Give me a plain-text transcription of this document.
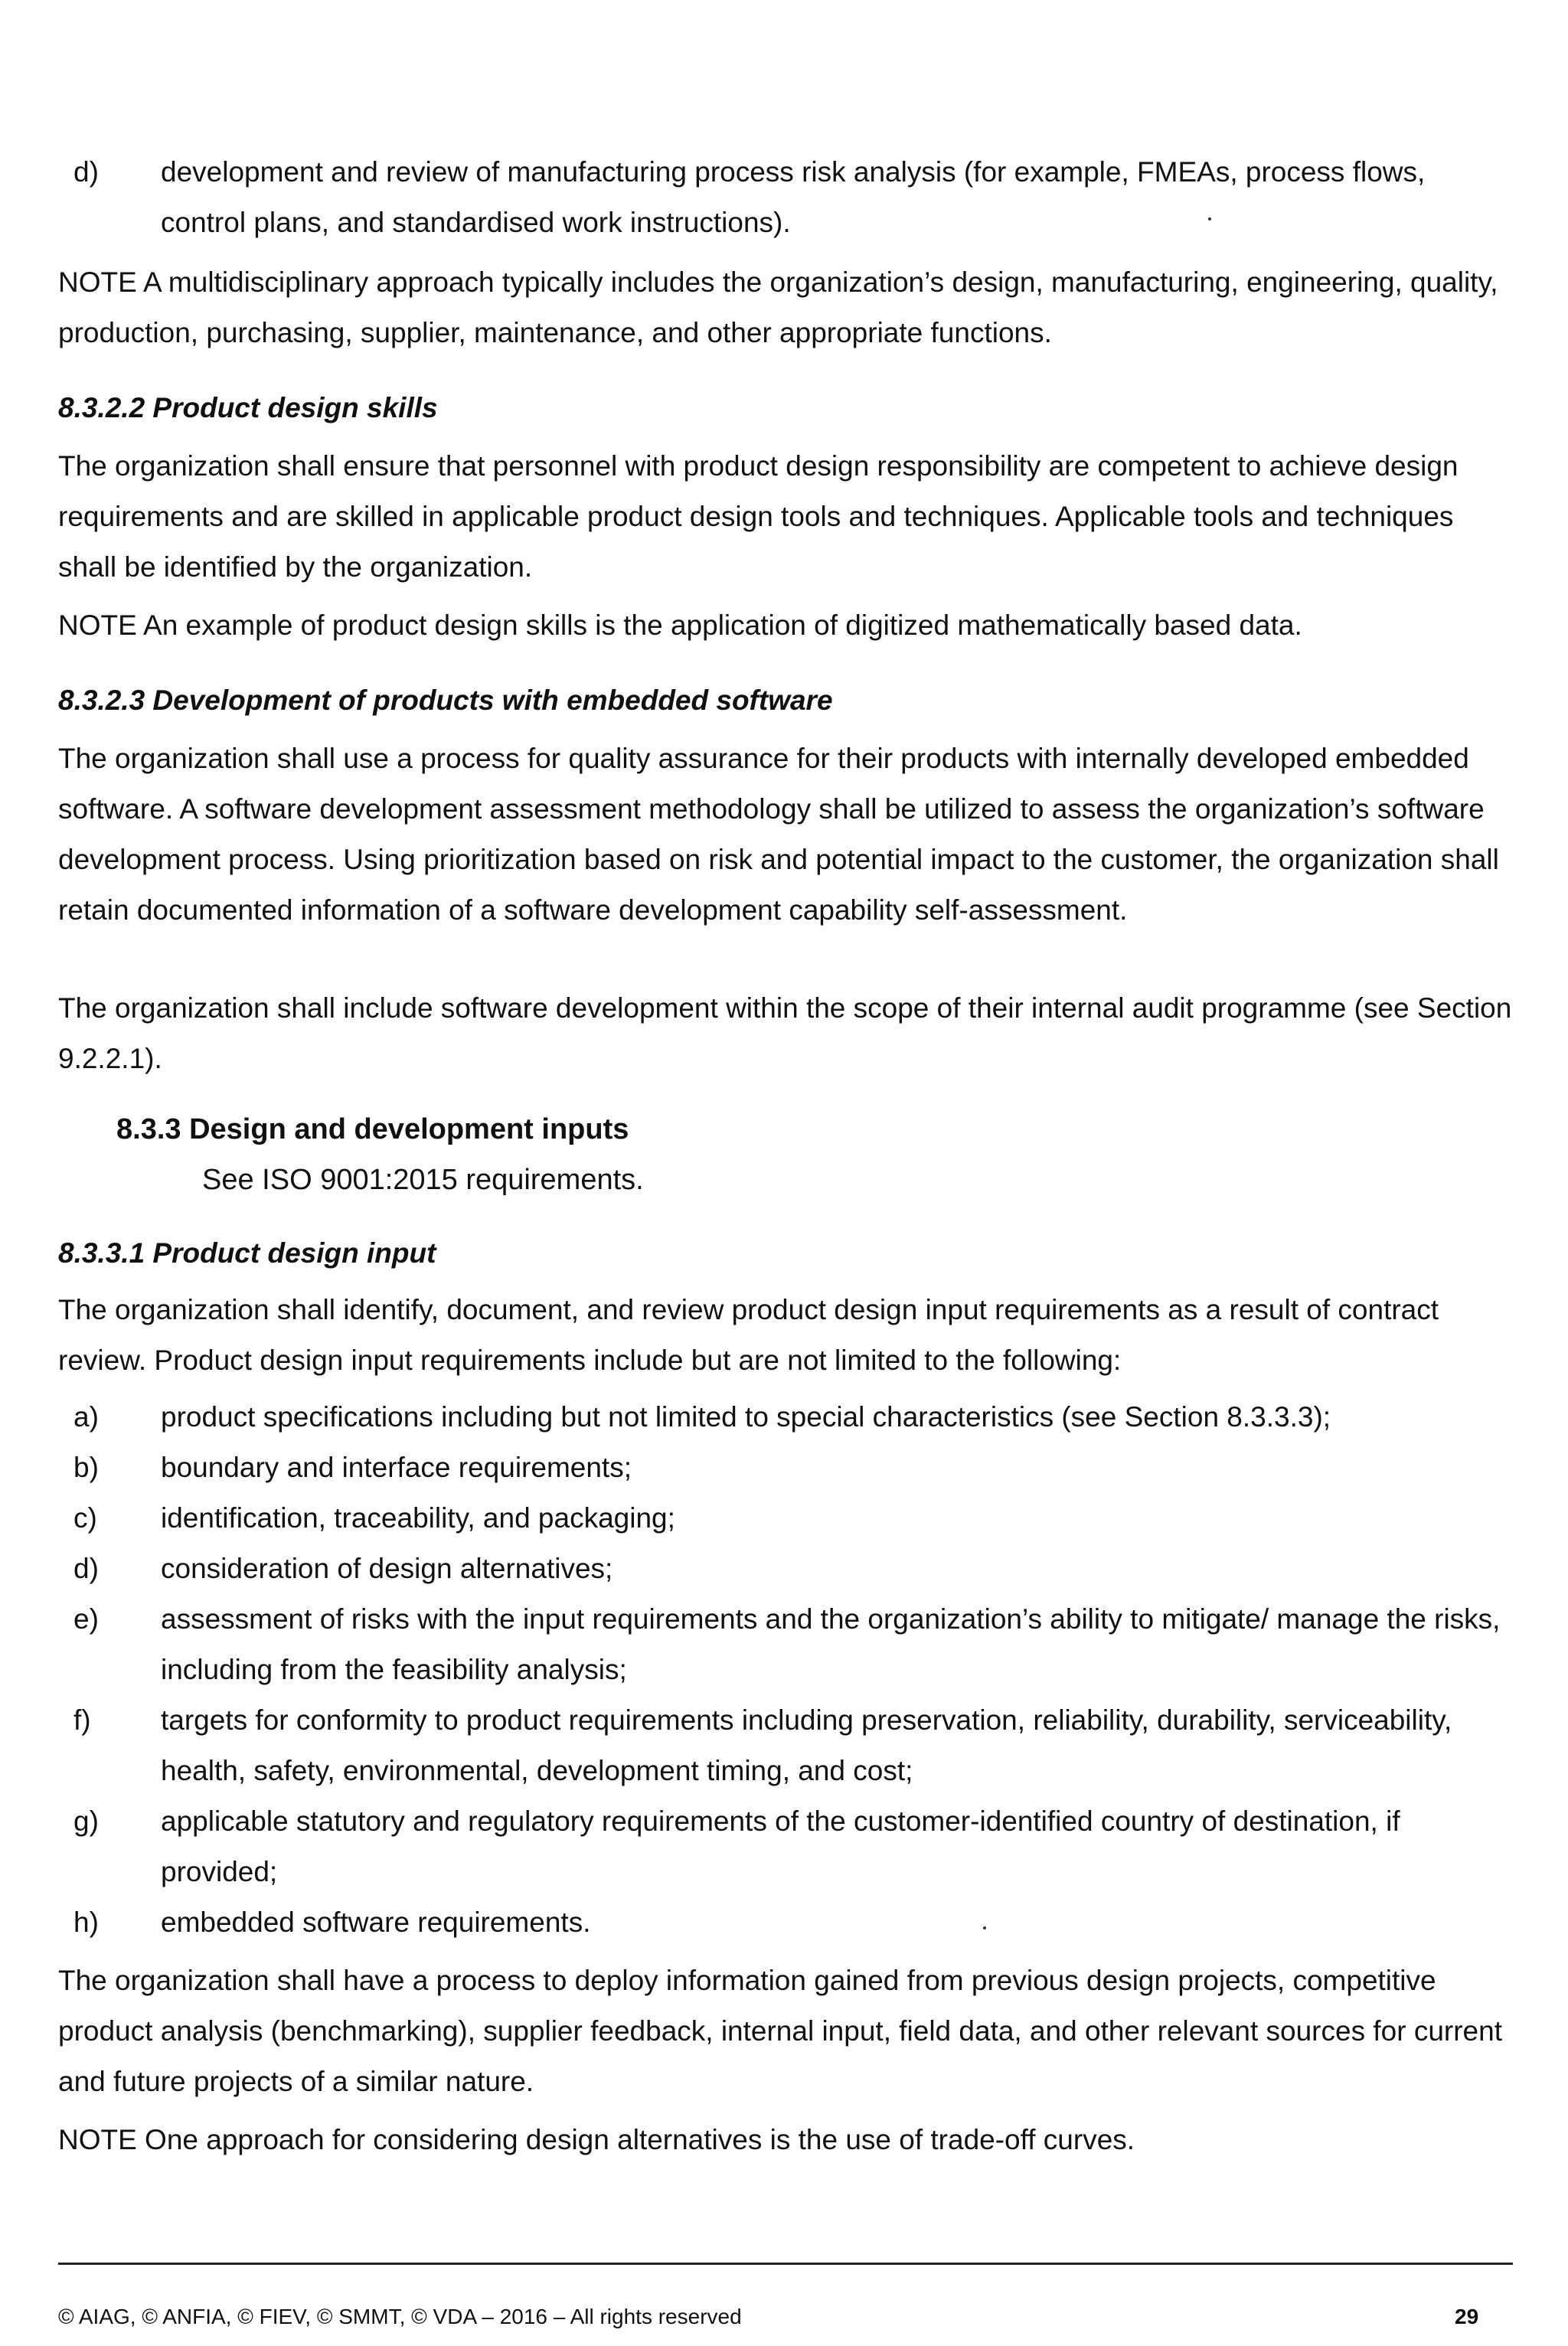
d)	development and review of manufacturing process risk analysis (for example, FMEAs, process flows, control plans, and standardised work instructions).
NOTE A multidisciplinary approach typically includes the organization’s design, manufacturing, engineering, quality, production, purchasing, supplier, maintenance, and other appropriate functions.
8.3.2.2 Product design skills
The organization shall ensure that personnel with product design responsibility are competent to achieve design requirements and are skilled in applicable product design tools and techniques. Applicable tools and techniques shall be identified by the organization.
NOTE An example of product design skills is the application of digitized mathematically based data.
8.3.2.3 Development of products with embedded software
The organization shall use a process for quality assurance for their products with internally developed embedded software. A software development assessment methodology shall be utilized to assess the organization’s software development process. Using prioritization based on risk and potential impact to the customer, the organization shall retain documented information of a software development capability self-assessment.
The organization shall include software development within the scope of their internal audit programme (see Section 9.2.2.1).
8.3.3 Design and development inputs
See ISO 9001:2015 requirements.
8.3.3.1 Product design input
The organization shall identify, document, and review product design input requirements as a result of contract review. Product design input requirements include but are not limited to the following:
a)	product specifications including but not limited to special characteristics (see Section 8.3.3.3);
b)	boundary and interface requirements;
c)	identification, traceability, and packaging;
d)	consideration of design alternatives;
e)	assessment of risks with the input requirements and the organization’s ability to mitigate/ manage the risks, including from the feasibility analysis;
f)	targets for conformity to product requirements including preservation, reliability, durability, serviceability, health, safety, environmental, development timing, and cost;
g)	applicable statutory and regulatory requirements of the customer-identified country of destination, if provided;
h)	embedded software requirements.
The organization shall have a process to deploy information gained from previous design projects, competitive product analysis (benchmarking), supplier feedback, internal input, field data, and other relevant sources for current and future projects of a similar nature.
NOTE One approach for considering design alternatives is the use of trade-off curves.
© AIAG, © ANFIA, © FIEV, © SMMT, © VDA – 2016 – All rights reserved	29
